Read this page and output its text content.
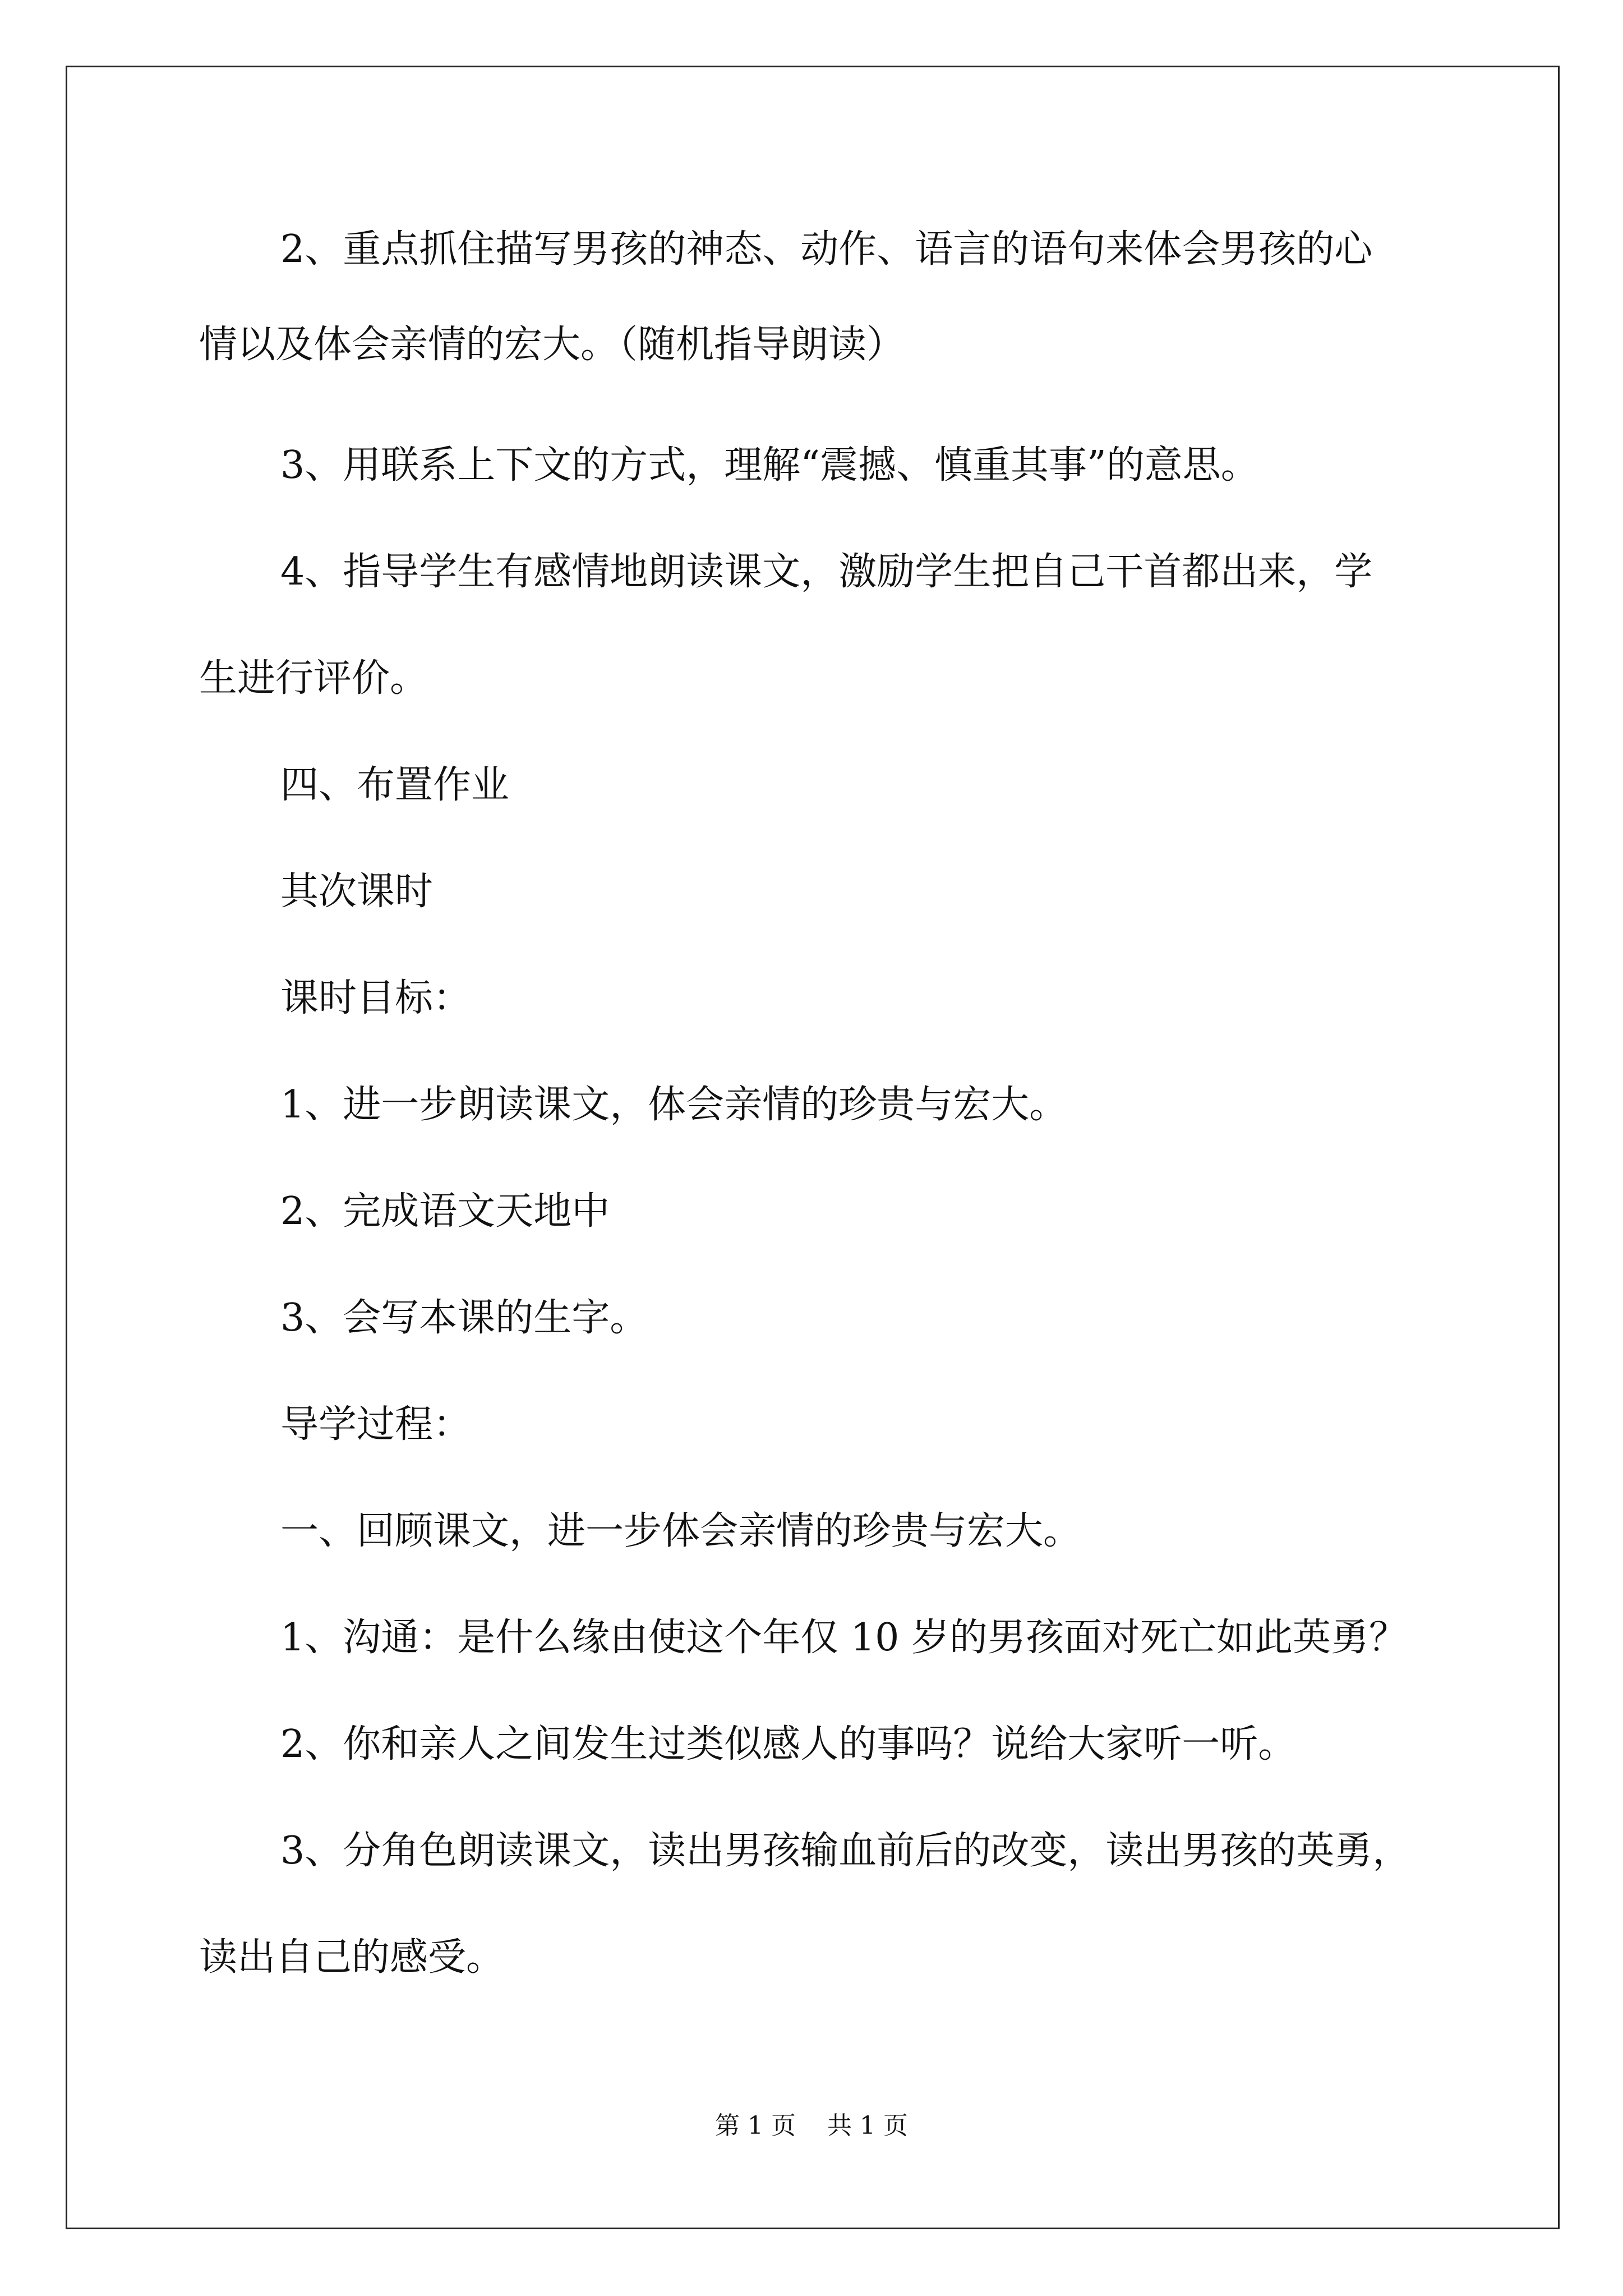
2、重点抓住描写男孩的神态、动作、语言的语句来体会男孩的心

情以及体会亲情的宏大。（随机指导朗读）

3、用联系上下文的方式，理解“震撼、慎重其事”的意思。

4、指导学生有感情地朗读课文，激励学生把自己干首都出来，学

生进行评价。

四、布置作业

其次课时

课时目标：

1、进一步朗读课文，体会亲情的珍贵与宏大。

2、完成语文天地中

3、会写本课的生字。

导学过程：

一、回顾课文，进一步体会亲情的珍贵与宏大。

1、沟通：是什么缘由使这个年仅 10 岁的男孩面对死亡如此英勇？

2、你和亲人之间发生过类似感人的事吗？说给大家听一听。

3、分角色朗读课文，读出男孩输血前后的改变，读出男孩的英勇，

读出自己的感受。

第 1 页    共 1 页
